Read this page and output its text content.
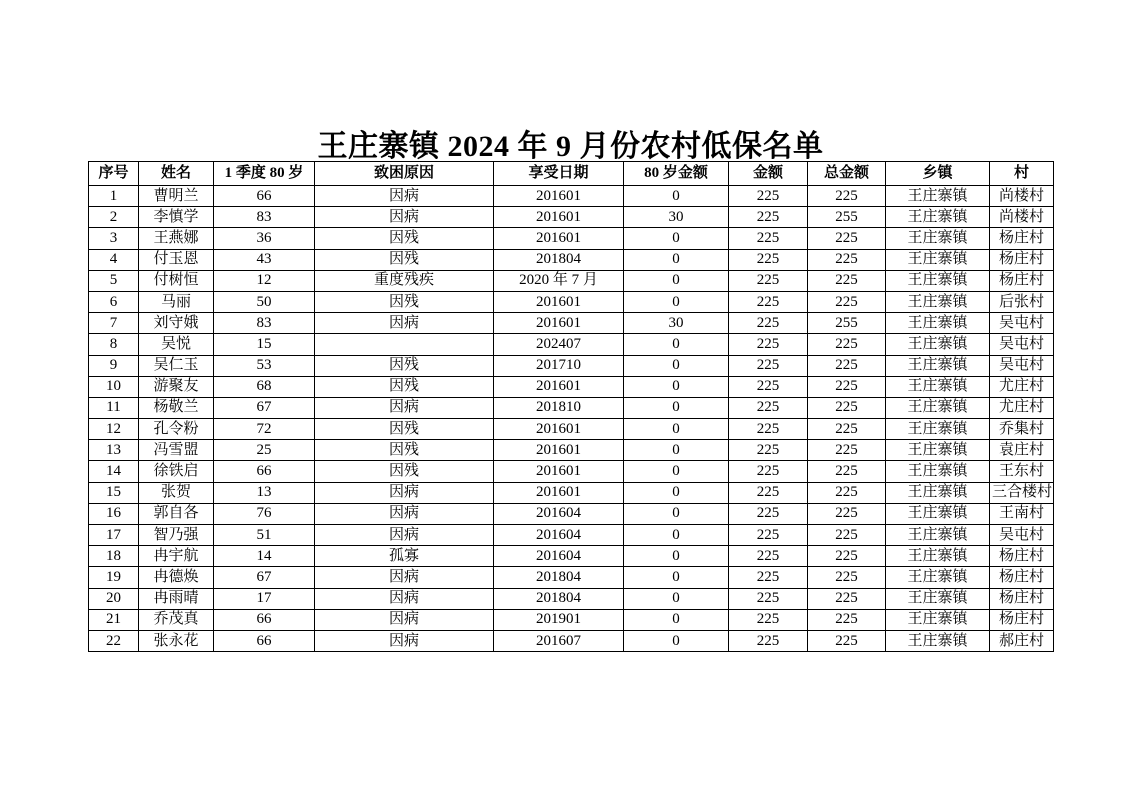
王庄寨镇 2024 年 9 月份农村低保名单
序号	姓名	1 季度 80 岁	致困原因	享受日期	80 岁金额	金额	总金额	乡镇	村
1	曹明兰	66	因病	201601	0	225	225	王庄寨镇	尚楼村
2	李慎学	83	因病	201601	30	225	255	王庄寨镇	尚楼村
3	王燕娜	36	因残	201601	0	225	225	王庄寨镇	杨庄村
4	付玉恩	43	因残	201804	0	225	225	王庄寨镇	杨庄村
5	付树恒	12	重度残疾	2020 年 7 月	0	225	225	王庄寨镇	杨庄村
6	马丽	50	因残	201601	0	225	225	王庄寨镇	后张村
7	刘守娥	83	因病	201601	30	225	255	王庄寨镇	吴屯村
8	吴悦	15		202407	0	225	225	王庄寨镇	吴屯村
9	吴仁玉	53	因残	201710	0	225	225	王庄寨镇	吴屯村
10	游聚友	68	因残	201601	0	225	225	王庄寨镇	尤庄村
11	杨敬兰	67	因病	201810	0	225	225	王庄寨镇	尤庄村
12	孔令粉	72	因残	201601	0	225	225	王庄寨镇	乔集村
13	冯雪盟	25	因残	201601	0	225	225	王庄寨镇	袁庄村
14	徐铁启	66	因残	201601	0	225	225	王庄寨镇	王东村
15	张贺	13	因病	201601	0	225	225	王庄寨镇	三合楼村
16	郭自各	76	因病	201604	0	225	225	王庄寨镇	王南村
17	智乃强	51	因病	201604	0	225	225	王庄寨镇	吴屯村
18	冉宇航	14	孤寡	201604	0	225	225	王庄寨镇	杨庄村
19	冉德焕	67	因病	201804	0	225	225	王庄寨镇	杨庄村
20	冉雨晴	17	因病	201804	0	225	225	王庄寨镇	杨庄村
21	乔茂真	66	因病	201901	0	225	225	王庄寨镇	杨庄村
22	张永花	66	因病	201607	0	225	225	王庄寨镇	郝庄村
